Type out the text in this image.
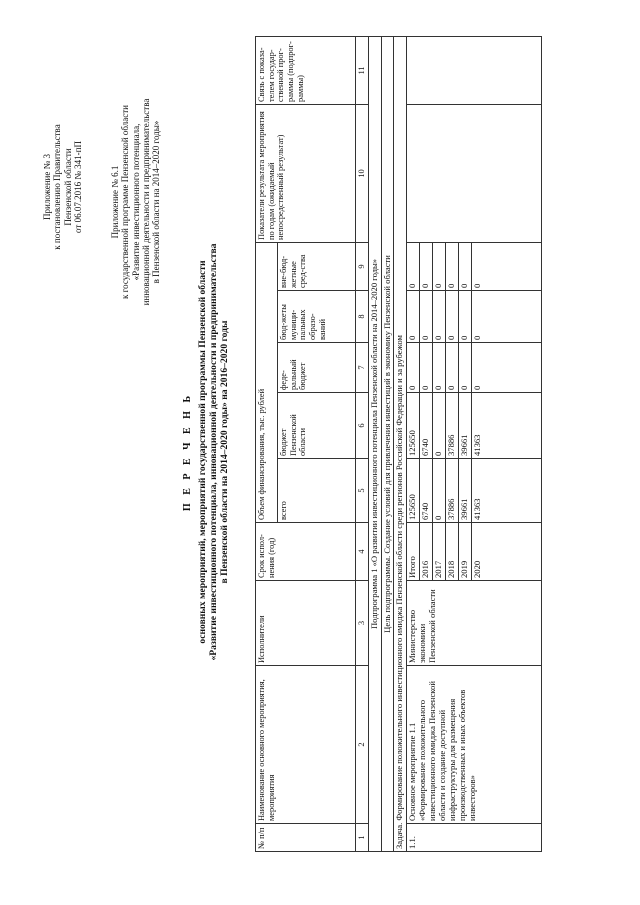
Приложение № 3 к постановлению Правительства Пензенской области от 06.07.2016 № 341-пП	Приложение № 6.1 к государственной программе Пензенской области «Развитие инвестиционного потенциала, инновационной деятельности и предпринимательства в Пензенской области на 2014–2020 годы»
П Е Р Е Ч Е Н Ь основных мероприятий, мероприятий государственной программы Пензенской области «Развитие инвестиционного потенциала, инновационной деятельности и предпринимательства в Пензенской области на 2014–2020 годы» на 2016–2020 годы
№ п/п	Наименование основного мероприятия, мероприятия	Исполнители	Срок испол-нения (год)	Объем финансирования, тыс. рублей					Показатели результата мероприятия по годам (ожидаемый непосредственный результат)	Связь с показа-телем государ-ственной прог-раммы (подпрог-раммы)
				всего	бюджет Пензенской области	феде-ральный бюджет	бюд-жеты муници-пальных образо-ваний	вне-бюд-жетные сред-ства		
1	2	3	4	5	6	7	8	9	10	11
Подпрограмма 1 «О развитии инвестиционного потенциала Пензенской области на 2014–2020 годы»										
Цель подпрограммы. Создание условий для привлечения инвестиций в экономику Пензенской области										
Задача. Формирование положительного инвестиционного имиджа Пензенской области среди регионов Российской Федерации и за рубежом										
1.1.	Основное мероприятие 1.1 «Формирование положительного инвестиционного имиджа Пензенской области и создание доступной инфраструктуры для размещения производственных и иных объектов инвесторов»	Министерство экономики Пензенской области	Итого	125650	125650	0	0	0		
			2016	6740	6740	0	0	0		
			2017	0	0	0	0	0		
			2018	37886	37886	0	0	0		
			2019	39661	39661	0	0	0		
			2020	41363	41363	0	0	0		
